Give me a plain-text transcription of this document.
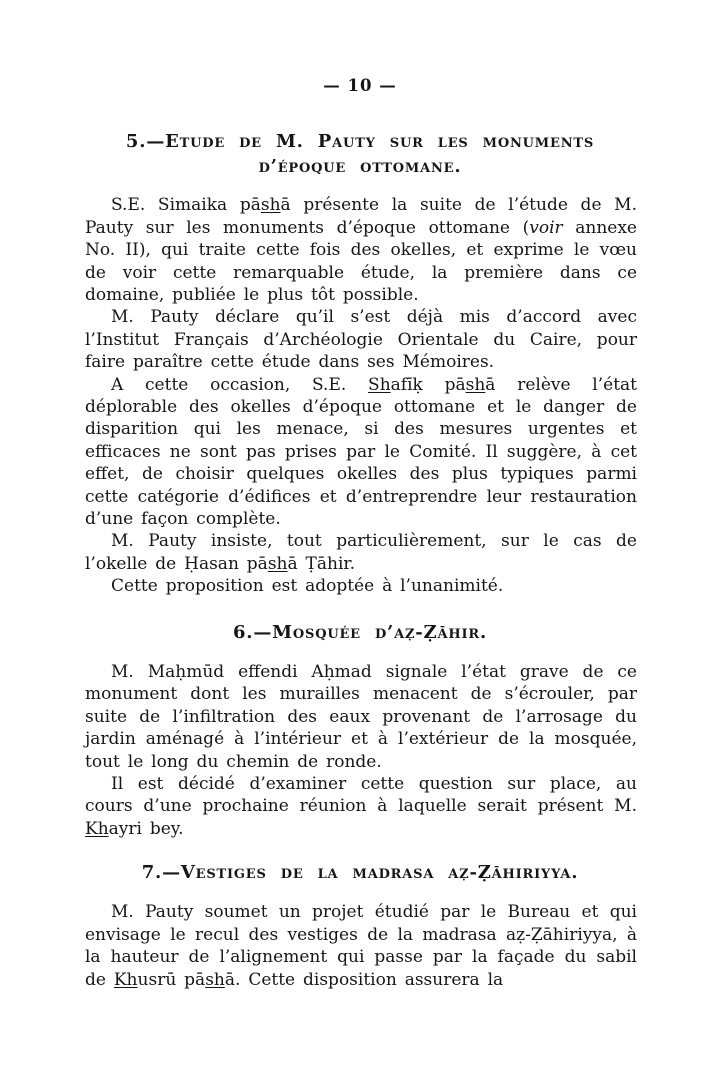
— 10 —
5.—Etude de M. Pauty sur les monuments d’époque ottomane.

S.E. Simaika pāshā présente la suite de l’étude de M. Pauty sur les monuments d’époque ottomane (voir annexe No. II), qui traite cette fois des okelles, et exprime le vœu de voir cette remarquable étude, la première dans ce domaine, publiée le plus tôt possible.

M. Pauty déclare qu’il s’est déjà mis d’accord avec l’Institut Français d’Archéologie Orientale du Caire, pour faire paraître cette étude dans ses Mémoires.

A cette occasion, S.E. Shafīḳ pāshā relève l’état déplorable des okelles d’époque ottomane et le danger de disparition qui les menace, si des mesures urgentes et efficaces ne sont pas prises par le Comité. Il suggère, à cet effet, de choisir quelques okelles des plus typiques parmi cette catégorie d’édifices et d’entreprendre leur restauration d’une façon complète.

M. Pauty insiste, tout particulièrement, sur le cas de l’okelle de Ḥasan pāshā Ṭāhir.

Cette proposition est adoptée à l’unanimité.

6.—Mosquée d’aẓ-Ẓāhir.

M. Maḥmūd effendi Aḥmad signale l’état grave de ce monument dont les murailles menacent de s’écrouler, par suite de l’infiltration des eaux provenant de l’arrosage du jardin aménagé à l’intérieur et à l’extérieur de la mosquée, tout le long du chemin de ronde.

Il est décidé d’examiner cette question sur place, au cours d’une prochaine réunion à laquelle serait présent M. Khayri bey.

7.—Vestiges de la madrasa aẓ-Ẓāhiriyya.

M. Pauty soumet un projet étudié par le Bureau et qui envisage le recul des vestiges de la madrasa aẓ-Ẓāhiriyya, à la hauteur de l’alignement qui passe par la façade du sabil de Khusrū pāshā. Cette disposition assurera la
